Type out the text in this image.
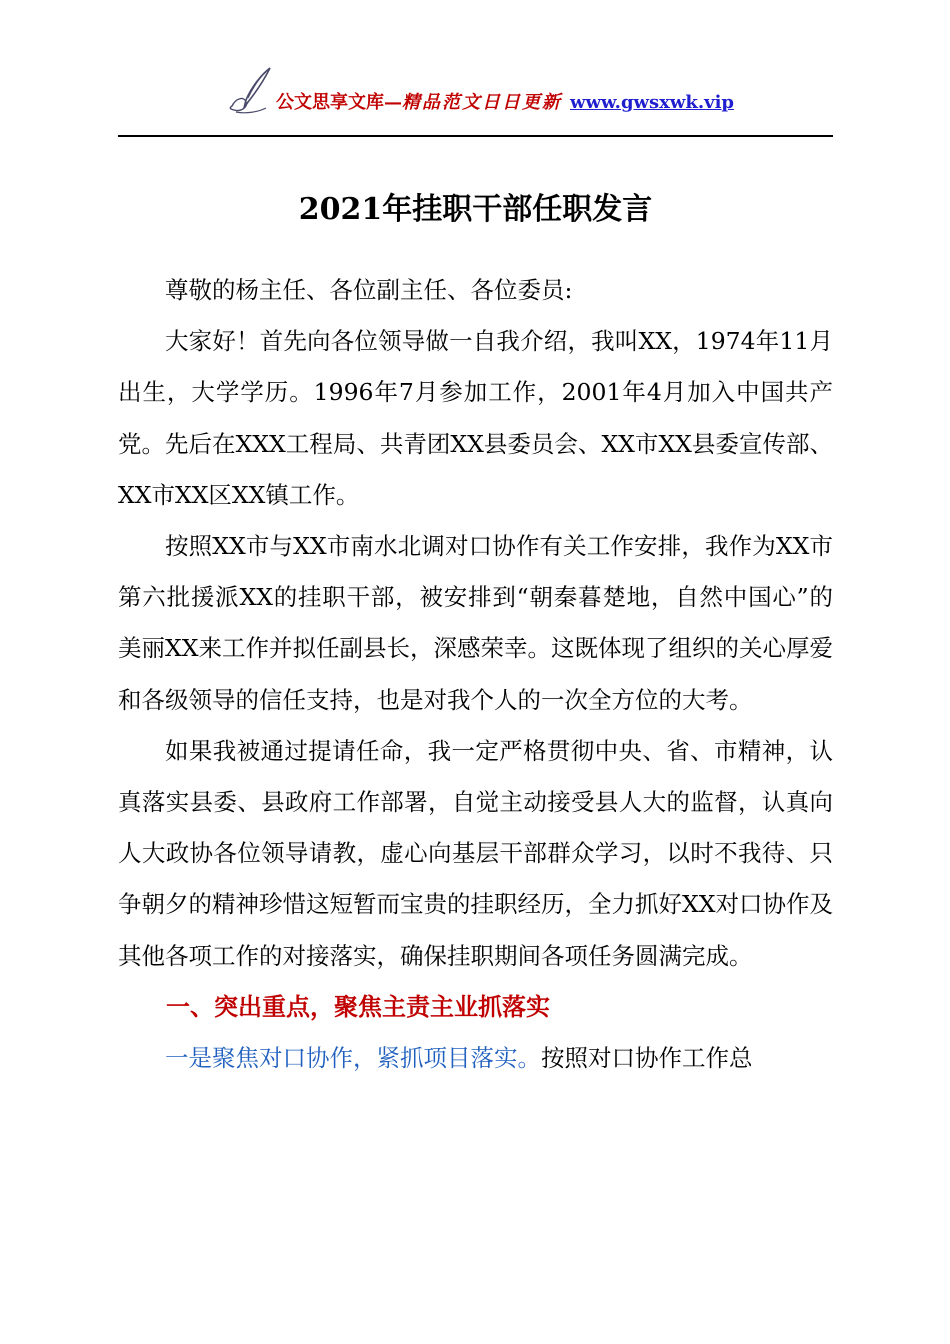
公文思享文库—精品范文日日更新 www.gwsxwk.vip
2021年挂职干部任职发言

尊敬的杨主任、各位副主任、各位委员:

大家好！首先向各位领导做一自我介绍，我叫XX，1974年11月出生，大学学历。1996年7月参加工作，2001年4月加入中国共产党。先后在XXX工程局、共青团XX县委员会、XX市XX县委宣传部、XX市XX区XX镇工作。

按照XX市与XX市南水北调对口协作有关工作安排，我作为XX市第六批援派XX的挂职干部，被安排到“朝秦暮楚地，自然中国心”的美丽XX来工作并拟任副县长，深感荣幸。这既体现了组织的关心厚爱和各级领导的信任支持，也是对我个人的一次全方位的大考。

如果我被通过提请任命，我一定严格贯彻中央、省、市精神，认真落实县委、县政府工作部署，自觉主动接受县人大的监督，认真向人大政协各位领导请教，虚心向基层干部群众学习，以时不我待、只争朝夕的精神珍惜这短暂而宝贵的挂职经历，全力抓好XX对口协作及其他各项工作的对接落实，确保挂职期间各项任务圆满完成。

一、突出重点，聚焦主责主业抓落实

一是聚焦对口协作，紧抓项目落实。按照对口协作工作总
